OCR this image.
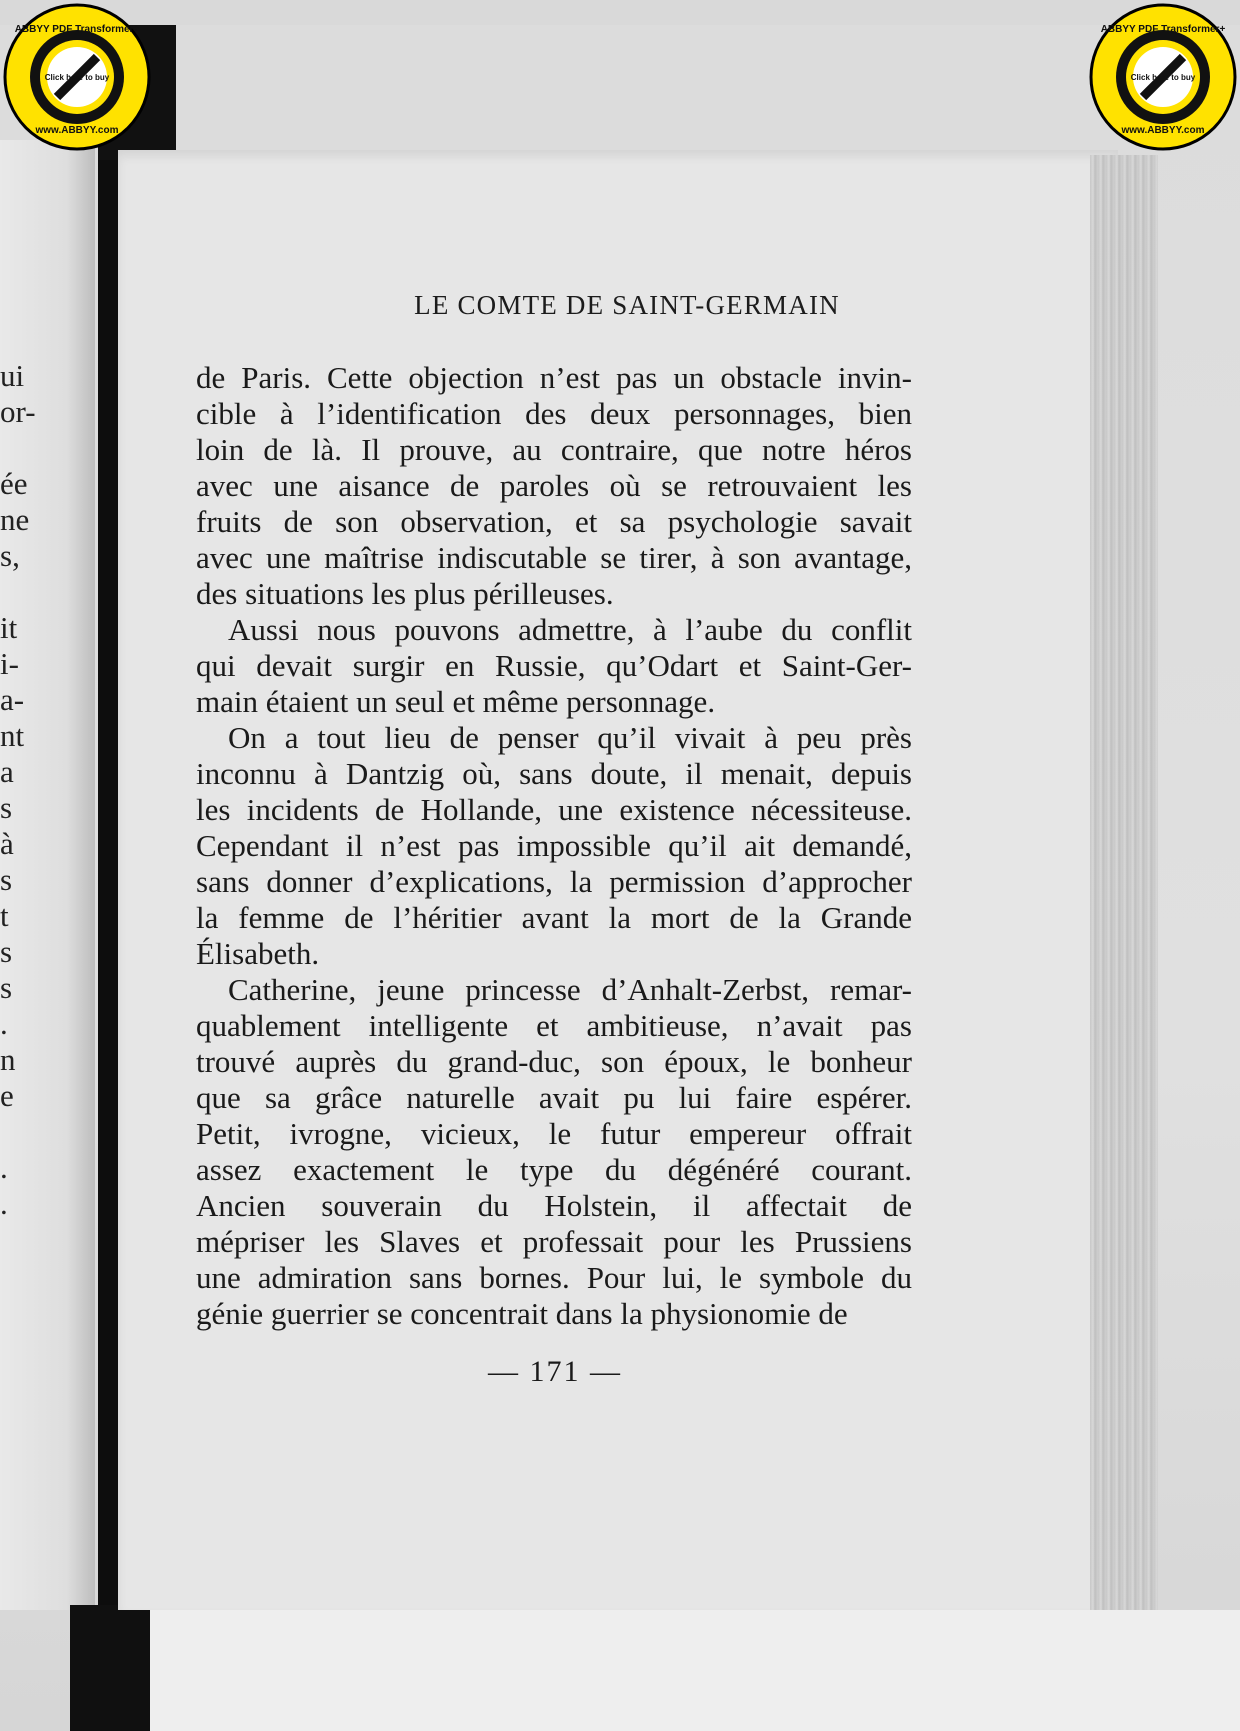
ui
or-
ée
ne
s,
it
i-
a-
nt
a
s
à
s
t
s
s
.
n
e
.
.
LE COMTE DE SAINT-GERMAIN
de Paris. Cette objection n’est pas un obstacle invin-
cible à l’identification des deux personnages, bien
loin de là. Il prouve, au contraire, que notre héros
avec une aisance de paroles où se retrouvaient les
fruits de son observation, et sa psychologie savait
avec une maîtrise indiscutable se tirer, à son avantage,
des situations les plus périlleuses.
Aussi nous pouvons admettre, à l’aube du conflit
qui devait surgir en Russie, qu’Odart et Saint-Ger-
main étaient un seul et même personnage.
On a tout lieu de penser qu’il vivait à peu près
inconnu à Dantzig où, sans doute, il menait, depuis
les incidents de Hollande, une existence nécessiteuse.
Cependant il n’est pas impossible qu’il ait demandé,
sans donner d’explications, la permission d’approcher
la femme de l’héritier avant la mort de la Grande
Élisabeth.
Catherine, jeune princesse d’Anhalt-Zerbst, remar-
quablement intelligente et ambitieuse, n’avait pas
trouvé auprès du grand-duc, son époux, le bonheur
que sa grâce naturelle avait pu lui faire espérer.
Petit, ivrogne, vicieux, le futur empereur offrait
assez exactement le type du dégénéré courant.
Ancien souverain du Holstein, il affectait de
mépriser les Slaves et professait pour les Prussiens
une admiration sans bornes. Pour lui, le symbole du
génie guerrier se concentrait dans la physionomie de
— 171 —
ABBYY PDF Transformer+
www.ABBYY.com
Click here to buy
ABBYY PDF Transformer+
www.ABBYY.com
Click here to buy
